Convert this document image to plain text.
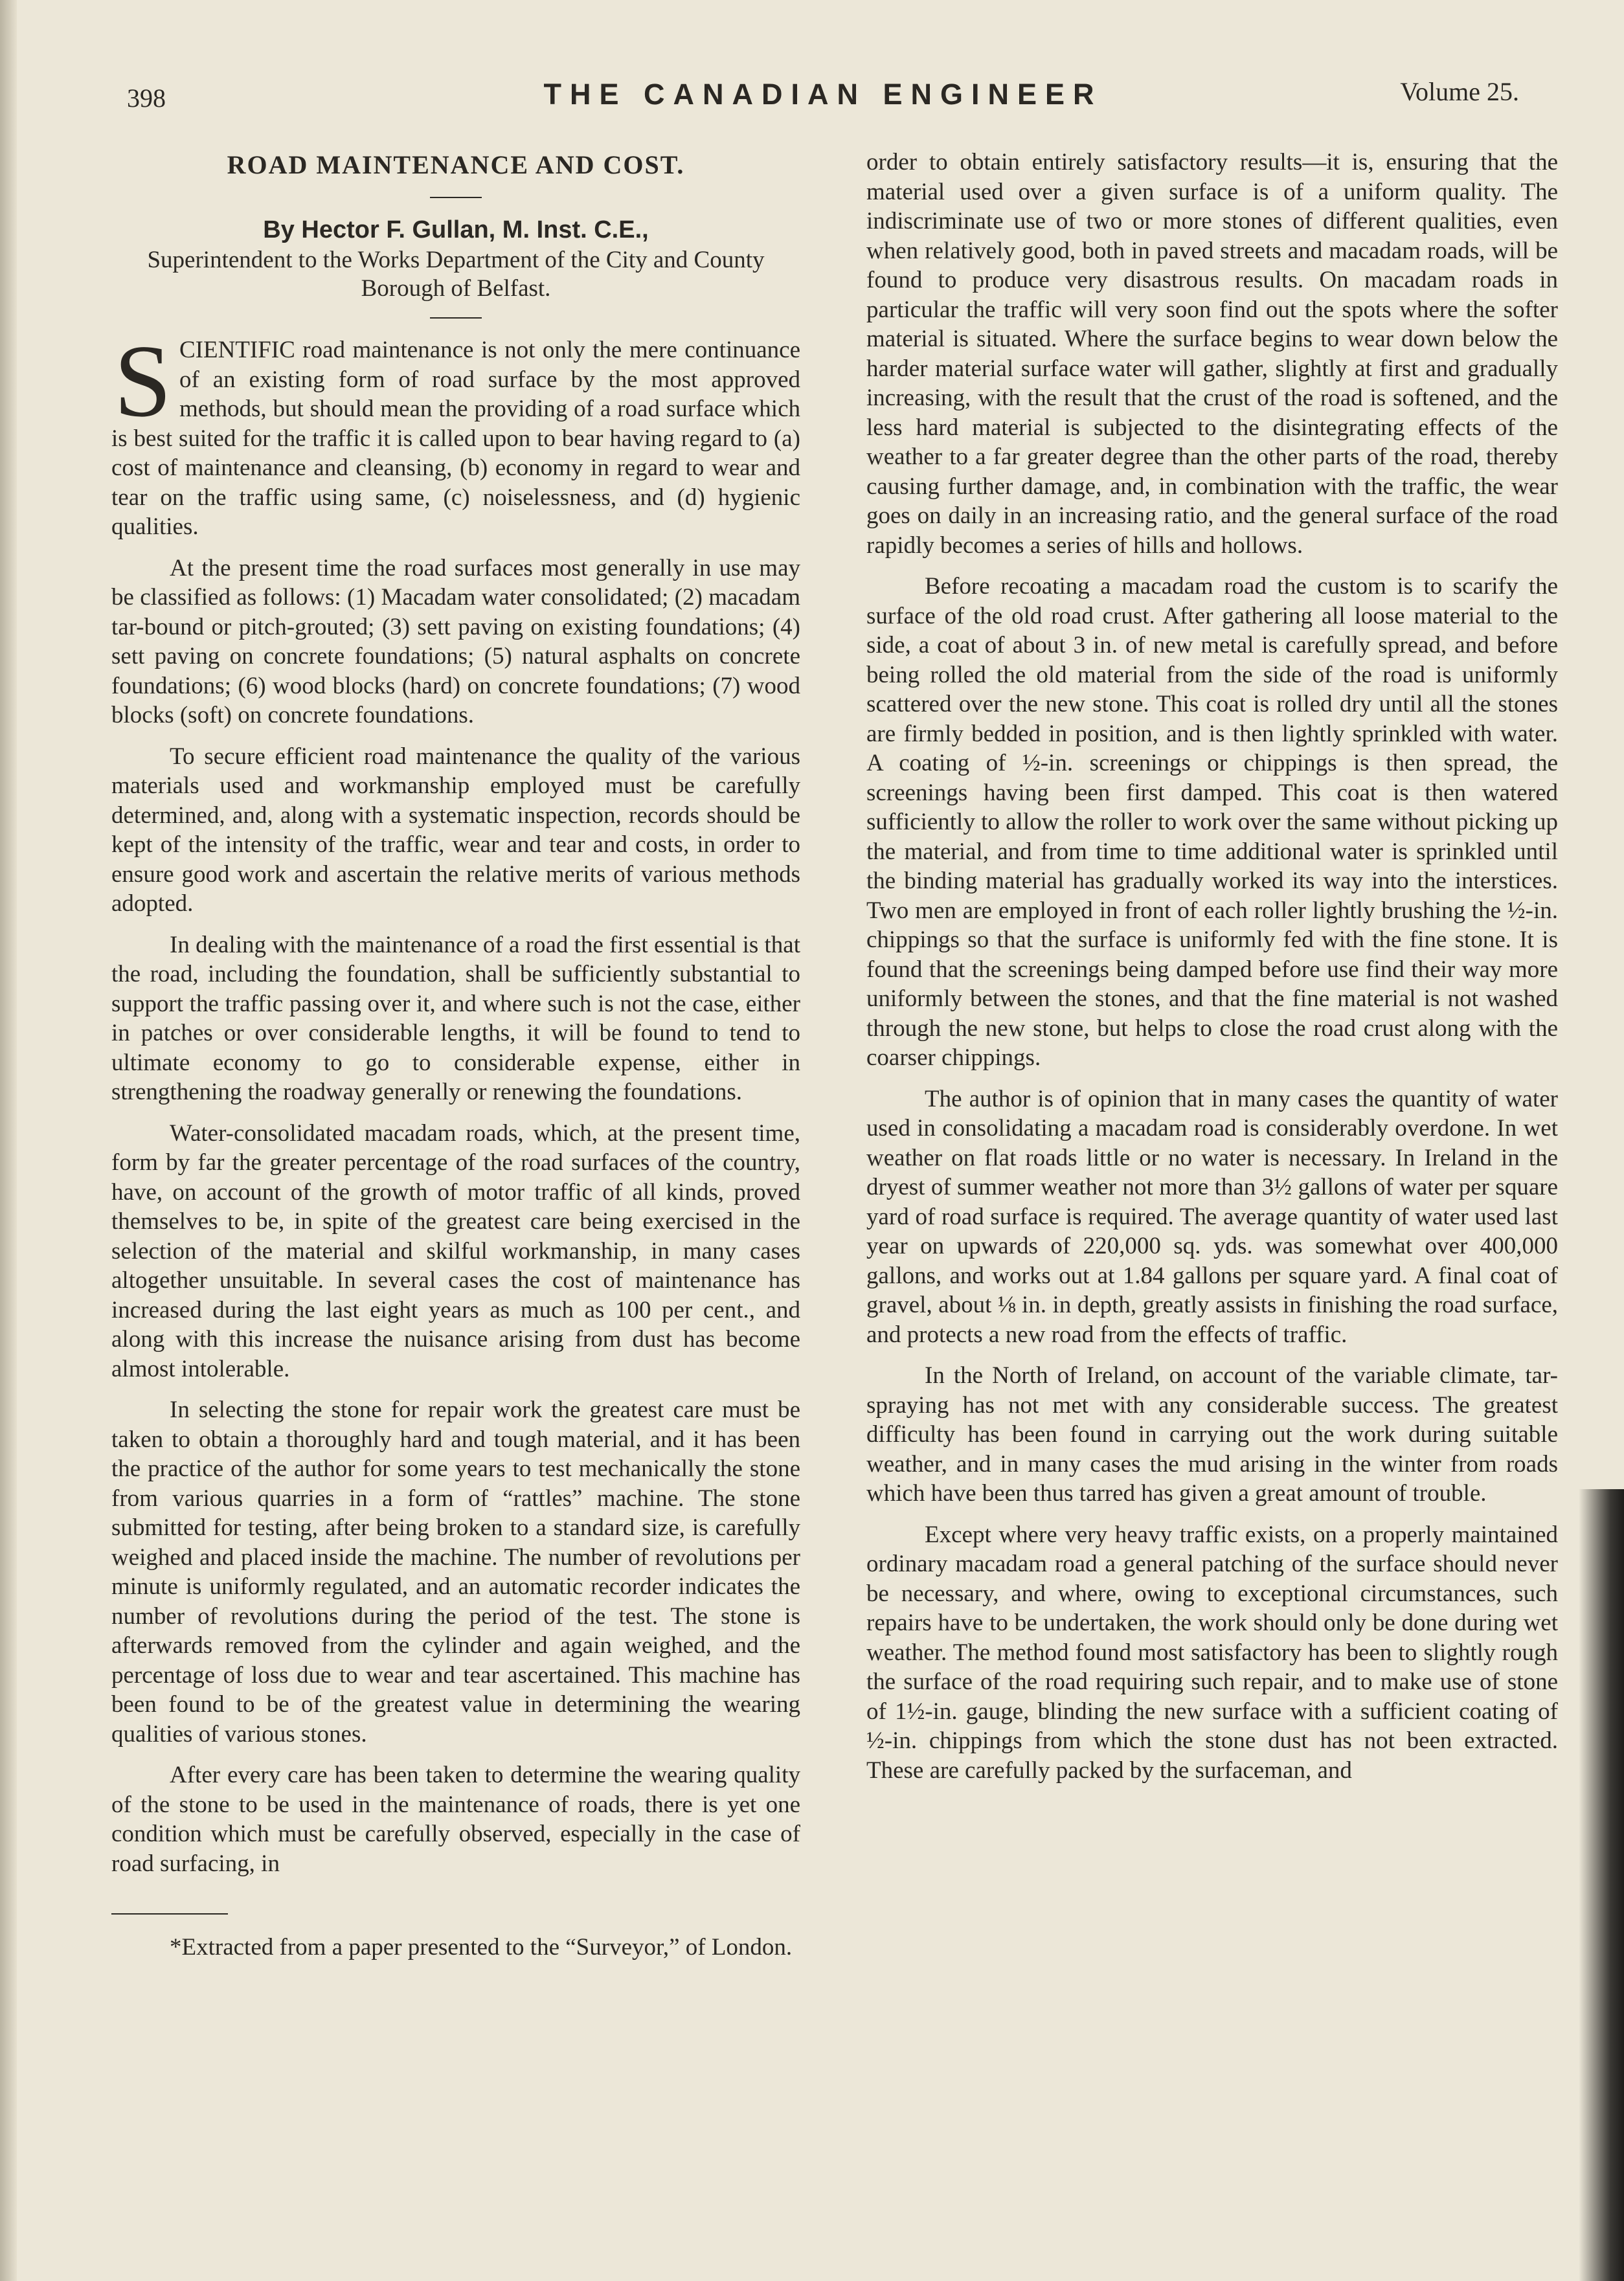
398	THE CANADIAN ENGINEER	Volume 25.
ROAD MAINTENANCE AND COST.
By Hector F. Gullan, M. Inst. C.E.,
Superintendent to the Works Department of the City and County Borough of Belfast.

SCIENTIFIC road maintenance is not only the mere continuance of an existing form of road surface by the most approved methods, but should mean the providing of a road surface which is best suited for the traffic it is called upon to bear having regard to (a) cost of maintenance and cleansing, (b) economy in regard to wear and tear on the traffic using same, (c) noiselessness, and (d) hygienic qualities.

At the present time the road surfaces most generally in use may be classified as follows: (1) Macadam water consolidated; (2) macadam tar-bound or pitch-grouted; (3) sett paving on existing foundations; (4) sett paving on concrete foundations; (5) natural asphalts on concrete foundations; (6) wood blocks (hard) on concrete foundations; (7) wood blocks (soft) on concrete foundations.

To secure efficient road maintenance the quality of the various materials used and workmanship employed must be carefully determined, and, along with a systematic inspection, records should be kept of the intensity of the traffic, wear and tear and costs, in order to ensure good work and ascertain the relative merits of various methods adopted.

In dealing with the maintenance of a road the first essential is that the road, including the foundation, shall be sufficiently substantial to support the traffic passing over it, and where such is not the case, either in patches or over considerable lengths, it will be found to tend to ultimate economy to go to considerable expense, either in strengthening the roadway generally or renewing the foundations.

Water-consolidated macadam roads, which, at the present time, form by far the greater percentage of the road surfaces of the country, have, on account of the growth of motor traffic of all kinds, proved themselves to be, in spite of the greatest care being exercised in the selection of the material and skilful workmanship, in many cases altogether unsuitable. In several cases the cost of maintenance has increased during the last eight years as much as 100 per cent., and along with this increase the nuisance arising from dust has become almost intolerable.

In selecting the stone for repair work the greatest care must be taken to obtain a thoroughly hard and tough material, and it has been the practice of the author for some years to test mechanically the stone from various quarries in a form of “rattles” machine. The stone submitted for testing, after being broken to a standard size, is carefully weighed and placed inside the machine. The number of revolutions per minute is uniformly regulated, and an automatic recorder indicates the number of revolutions during the period of the test. The stone is afterwards removed from the cylinder and again weighed, and the percentage of loss due to wear and tear ascertained. This machine has been found to be of the greatest value in determining the wearing qualities of various stones.

After every care has been taken to determine the wearing quality of the stone to be used in the maintenance of roads, there is yet one condition which must be carefully observed, especially in the case of road surfacing, in

*Extracted from a paper presented to the “Surveyor,” of London.

order to obtain entirely satisfactory results—it is, ensuring that the material used over a given surface is of a uniform quality. The indiscriminate use of two or more stones of different qualities, even when relatively good, both in paved streets and macadam roads, will be found to produce very disastrous results. On macadam roads in particular the traffic will very soon find out the spots where the softer material is situated. Where the surface begins to wear down below the harder material surface water will gather, slightly at first and gradually increasing, with the result that the crust of the road is softened, and the less hard material is subjected to the disintegrating effects of the weather to a far greater degree than the other parts of the road, thereby causing further damage, and, in combination with the traffic, the wear goes on daily in an increasing ratio, and the general surface of the road rapidly becomes a series of hills and hollows.

Before recoating a macadam road the custom is to scarify the surface of the old road crust. After gathering all loose material to the side, a coat of about 3 in. of new metal is carefully spread, and before being rolled the old material from the side of the road is uniformly scattered over the new stone. This coat is rolled dry until all the stones are firmly bedded in position, and is then lightly sprinkled with water. A coating of ½-in. screenings or chippings is then spread, the screenings having been first damped. This coat is then watered sufficiently to allow the roller to work over the same without picking up the material, and from time to time additional water is sprinkled until the binding material has gradually worked its way into the interstices. Two men are employed in front of each roller lightly brushing the ½-in. chippings so that the surface is uniformly fed with the fine stone. It is found that the screenings being damped before use find their way more uniformly between the stones, and that the fine material is not washed through the new stone, but helps to close the road crust along with the coarser chippings.

The author is of opinion that in many cases the quantity of water used in consolidating a macadam road is considerably overdone. In wet weather on flat roads little or no water is necessary. In Ireland in the dryest of summer weather not more than 3½ gallons of water per square yard of road surface is required. The average quantity of water used last year on upwards of 220,000 sq. yds. was somewhat over 400,000 gallons, and works out at 1.84 gallons per square yard. A final coat of gravel, about ⅛ in. in depth, greatly assists in finishing the road surface, and protects a new road from the effects of traffic.

In the North of Ireland, on account of the variable climate, tar-spraying has not met with any considerable success. The greatest difficulty has been found in carrying out the work during suitable weather, and in many cases the mud arising in the winter from roads which have been thus tarred has given a great amount of trouble.

Except where very heavy traffic exists, on a properly maintained ordinary macadam road a general patching of the surface should never be necessary, and where, owing to exceptional circumstances, such repairs have to be undertaken, the work should only be done during wet weather. The method found most satisfactory has been to slightly rough the surface of the road requiring such repair, and to make use of stone of 1½-in. gauge, blinding the new surface with a sufficient coating of ½-in. chippings from which the stone dust has not been extracted. These are carefully packed by the surfaceman, and
